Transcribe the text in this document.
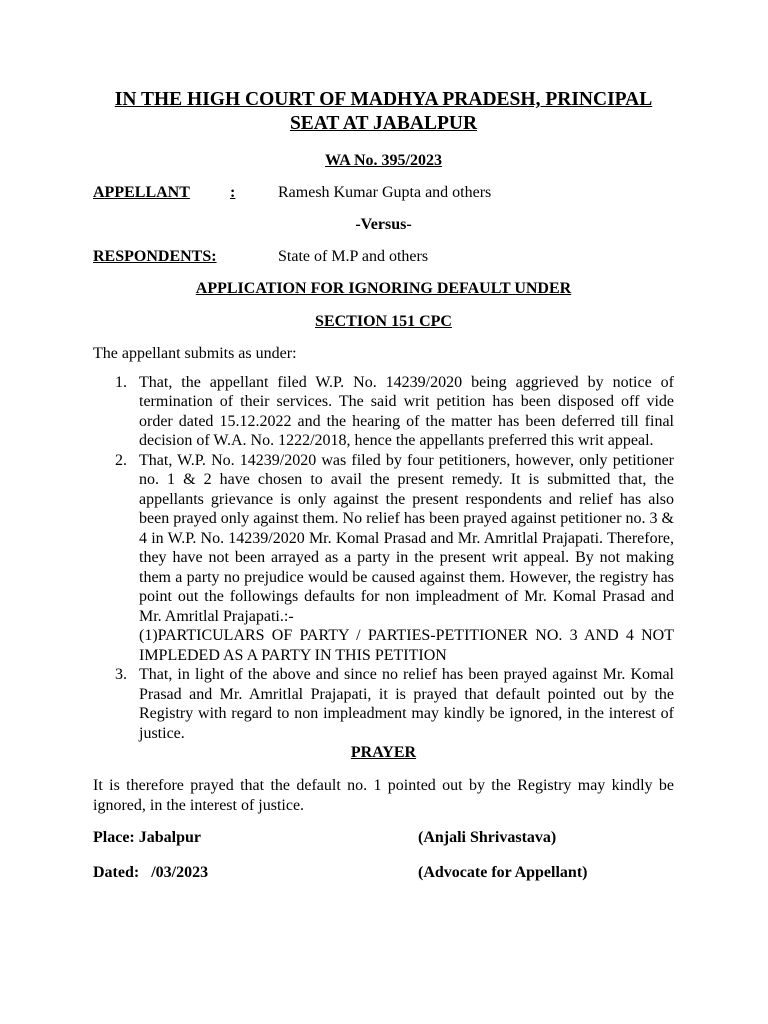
IN THE HIGH COURT OF MADHYA PRADESH, PRINCIPAL
SEAT AT JABALPUR
WA No. 395/2023
APPELLANT	:	Ramesh Kumar Gupta and others
-Versus-
RESPONDENTS:	State of M.P and others
APPLICATION FOR IGNORING DEFAULT UNDER
SECTION 151 CPC
The appellant submits as under:
1. That, the appellant filed W.P. No. 14239/2020 being aggrieved by notice of termination of their services. The said writ petition has been disposed off vide order dated 15.12.2022 and the hearing of the matter has been deferred till final decision of W.A. No. 1222/2018, hence the appellants preferred this writ appeal.
2. That, W.P. No. 14239/2020 was filed by four petitioners, however, only petitioner no. 1 & 2 have chosen to avail the present remedy. It is submitted that, the appellants grievance is only against the present respondents and relief has also been prayed only against them. No relief has been prayed against petitioner no. 3 & 4 in W.P. No. 14239/2020 Mr. Komal Prasad and Mr. Amritlal Prajapati. Therefore, they have not been arrayed as a party in the present writ appeal. By not making them a party no prejudice would be caused against them. However, the registry has point out the followings defaults for non impleadment of Mr. Komal Prasad and Mr. Amritlal Prajapati.:-
(1)PARTICULARS OF PARTY / PARTIES-PETITIONER NO. 3 AND 4 NOT IMPLEDED AS A PARTY IN THIS PETITION
3. That, in light of the above and since no relief has been prayed against Mr. Komal Prasad and Mr. Amritlal Prajapati, it is prayed that default pointed out by the Registry with regard to non impleadment may kindly be ignored, in the interest of justice.
PRAYER
It is therefore prayed that the default no. 1 pointed out by the Registry may kindly be ignored, in the interest of justice.
Place: Jabalpur	(Anjali Shrivastava)
Dated:   /03/2023	(Advocate for Appellant)
